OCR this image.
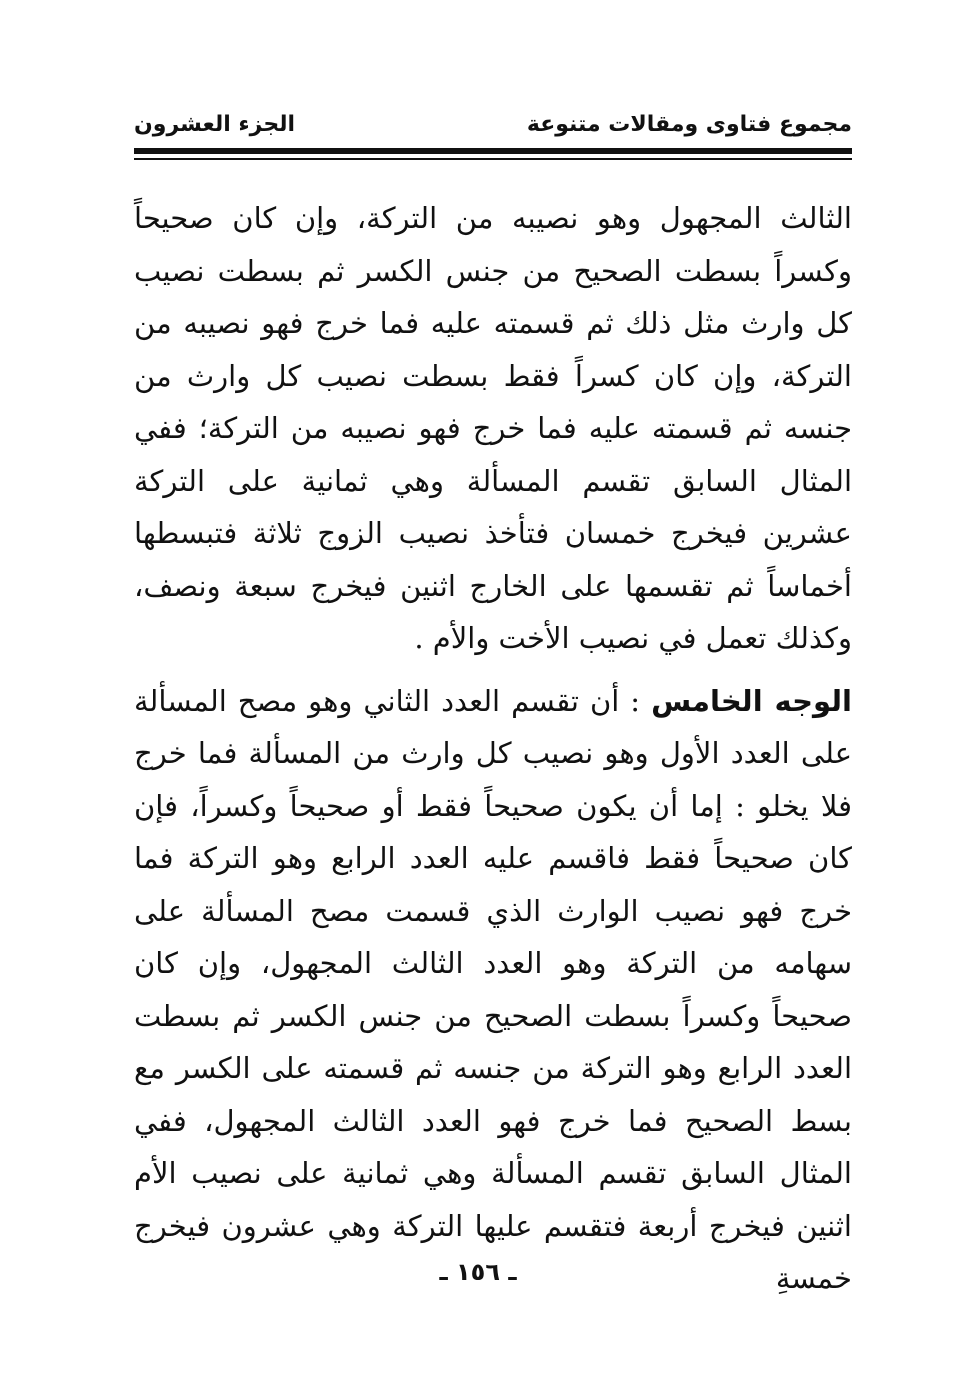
مجموع فتاوى ومقالات متنوعة
الجزء العشرون

الثالث المجهول وهو نصيبه من التركة، وإن كان صحيحاً وكسراً بسطت الصحيح من جنس الكسر ثم بسطت نصيب كل وارث مثل ذلك ثم قسمته عليه فما خرج فهو نصيبه من التركة، وإن كان كسراً فقط بسطت نصيب كل وارث من جنسه ثم قسمته عليه فما خرج فهو نصيبه من التركة؛ ففي المثال السابق تقسم المسألة وهي ثمانية على التركة عشرين فيخرج خمسان فتأخذ نصيب الزوج ثلاثة فتبسطها أخماساً ثم تقسمها على الخارج اثنين فيخرج سبعة ونصف، وكذلك تعمل في نصيب الأخت والأم .

الوجه الخامس : أن تقسم العدد الثاني وهو مصح المسألة على العدد الأول وهو نصيب كل وارث من المسألة فما خرج فلا يخلو : إما أن يكون صحيحاً فقط أو صحيحاً وكسراً، فإن كان صحيحاً فقط فاقسم عليه العدد الرابع وهو التركة فما خرج فهو نصيب الوارث الذي قسمت مصح المسألة على سهامه من التركة وهو العدد الثالث المجهول، وإن كان صحيحاً وكسراً بسطت الصحيح من جنس الكسر ثم بسطت العدد الرابع وهو التركة من جنسه ثم قسمته على الكسر مع بسط الصحيح فما خرج فهو العدد الثالث المجهول، ففي المثال السابق تقسم المسألة وهي ثمانية على نصيب الأم اثنين فيخرج أربعة فتقسم عليها التركة وهي عشرون فيخرج خمسةِ

ـ ١٥٦ ـ
